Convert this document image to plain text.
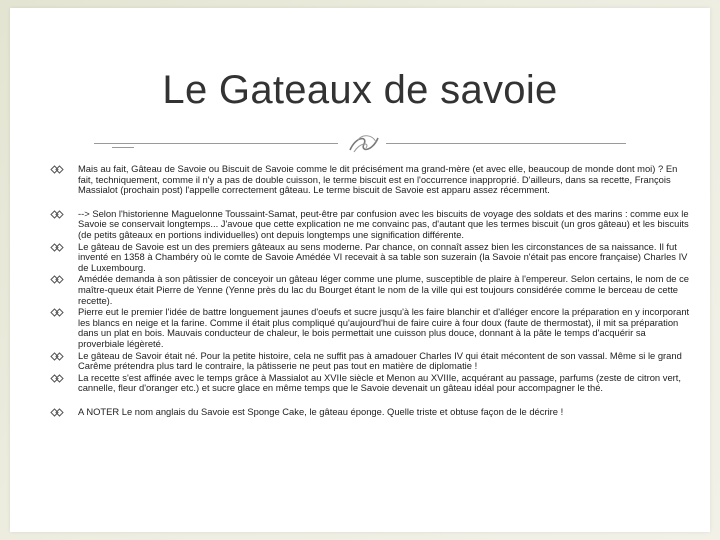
Le Gateaux de savoie
Mais au fait, Gâteau de Savoie ou Biscuit de Savoie comme le dit précisément ma grand-mère (et avec elle, beaucoup de monde dont moi) ? En fait, techniquement, comme il n'y a pas de double cuisson, le terme biscuit est en l'occurrence inapproprié. D'ailleurs, dans sa recette, François Massialot (prochain post) l'appelle correctement gâteau. Le terme biscuit de Savoie est apparu assez récemment.
--> Selon l'historienne Maguelonne Toussaint-Samat, peut-être par confusion avec les biscuits de voyage des soldats et des marins : comme eux le Savoie se conservait longtemps... J'avoue que cette explication ne me convainc pas, d'autant que les termes biscuit (un gros gâteau) et les biscuits (de petits gâteaux en portions individuelles) ont depuis longtemps une signification différente.
Le gâteau de Savoie est un des premiers gâteaux au sens moderne. Par chance, on connaît assez bien les circonstances de sa naissance. Il fut inventé en 1358 à Chambéry où le comte de Savoie Amédée VI recevait à sa table son suzerain (la Savoie n'était pas encore française) Charles IV de Luxembourg.
Amédée demanda à son pâtissier de conceyoir un gâteau léger comme une plume, susceptible de plaire à l'empereur. Selon certains, le nom de ce maître-queux était Pierre de Yenne (Yenne près du lac du Bourget étant le nom de la ville qui est toujours considérée comme le berceau de cette recette).
Pierre eut le premier l'idée de battre longuement jaunes d'oeufs et sucre jusqu'à les faire blanchir et d'alléger encore la préparation en y incorporant les blancs en neige et la farine. Comme il était plus compliqué qu'aujourd'hui de faire cuire à four doux (faute de thermostat), il mit sa préparation dans un plat en bois. Mauvais conducteur de chaleur, le bois permettait une cuisson plus douce, donnant à la pâte le temps d'acquérir sa proverbiale légèreté.
Le gâteau de Savoir était né. Pour la petite histoire, cela ne suffit pas à amadouer Charles IV qui était mécontent de son vassal. Même si le grand Carême prétendra plus tard le contraire, la pâtisserie ne peut pas tout en matière de diplomatie !
La recette s'est affinée avec le temps grâce à Massialot au XVIIe siècle et Menon au XVIIIe, acquérant au passage, parfums (zeste de citron vert, cannelle, fleur d'oranger etc.) et sucre glace en même temps que le Savoie devenait un gâteau idéal pour accompagner le thé.
A NOTER Le nom anglais du Savoie est Sponge Cake, le gâteau éponge. Quelle triste et obtuse façon de le décrire !
